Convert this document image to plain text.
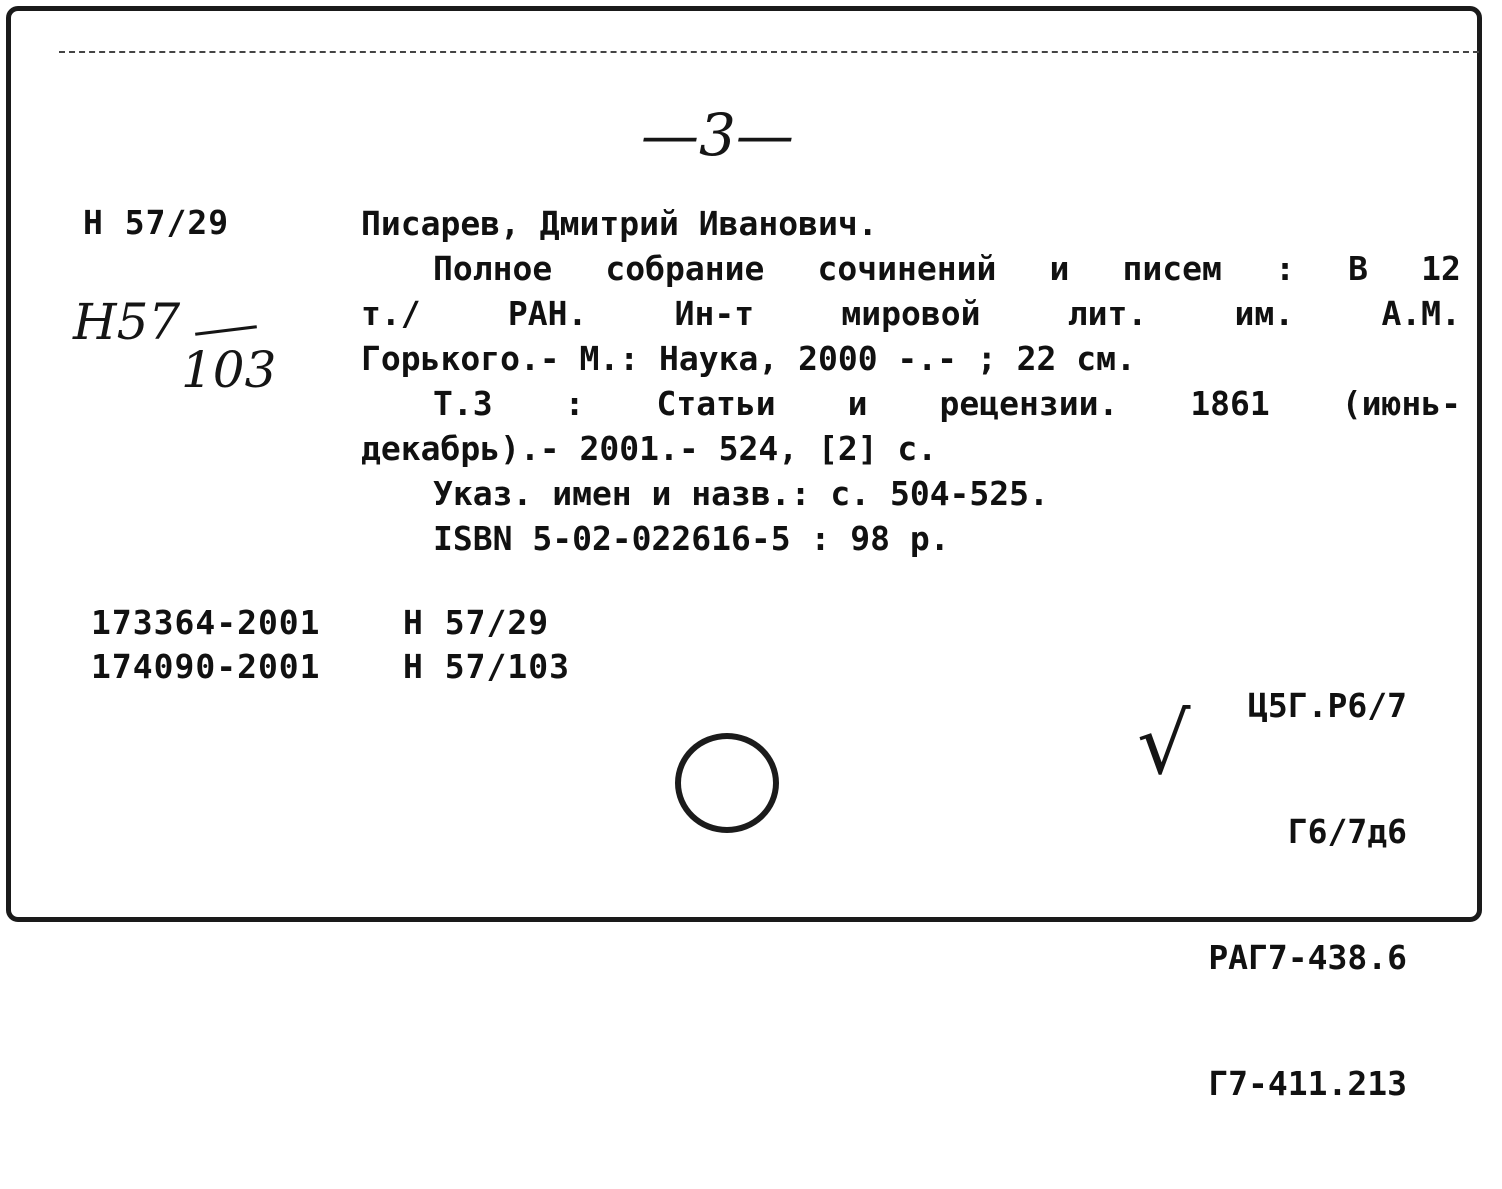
—3—
Н 57/29
Н57
103
Писарев, Дмитрий Иванович.
Полное собрание сочинений и писем : В 12
т./	РАН.	Ин-т	мировой	лит.	им.	А.М.
Горького.- М.: Наука, 2000 -.- ; 22 см.
Т.3 : Статьи и рецензии. 1861 (июнь-
декабрь).- 2001.- 524, [2] с.
Указ. имен и назв.: с. 504-525.
ISBN 5-02-022616-5 : 98 р.
173364-2001 Н 57/29
174090-2001 Н 57/103

Ц5Г.Р6/7

Г6/7д6

РАГ7-438.6

Г7-411.213

√
